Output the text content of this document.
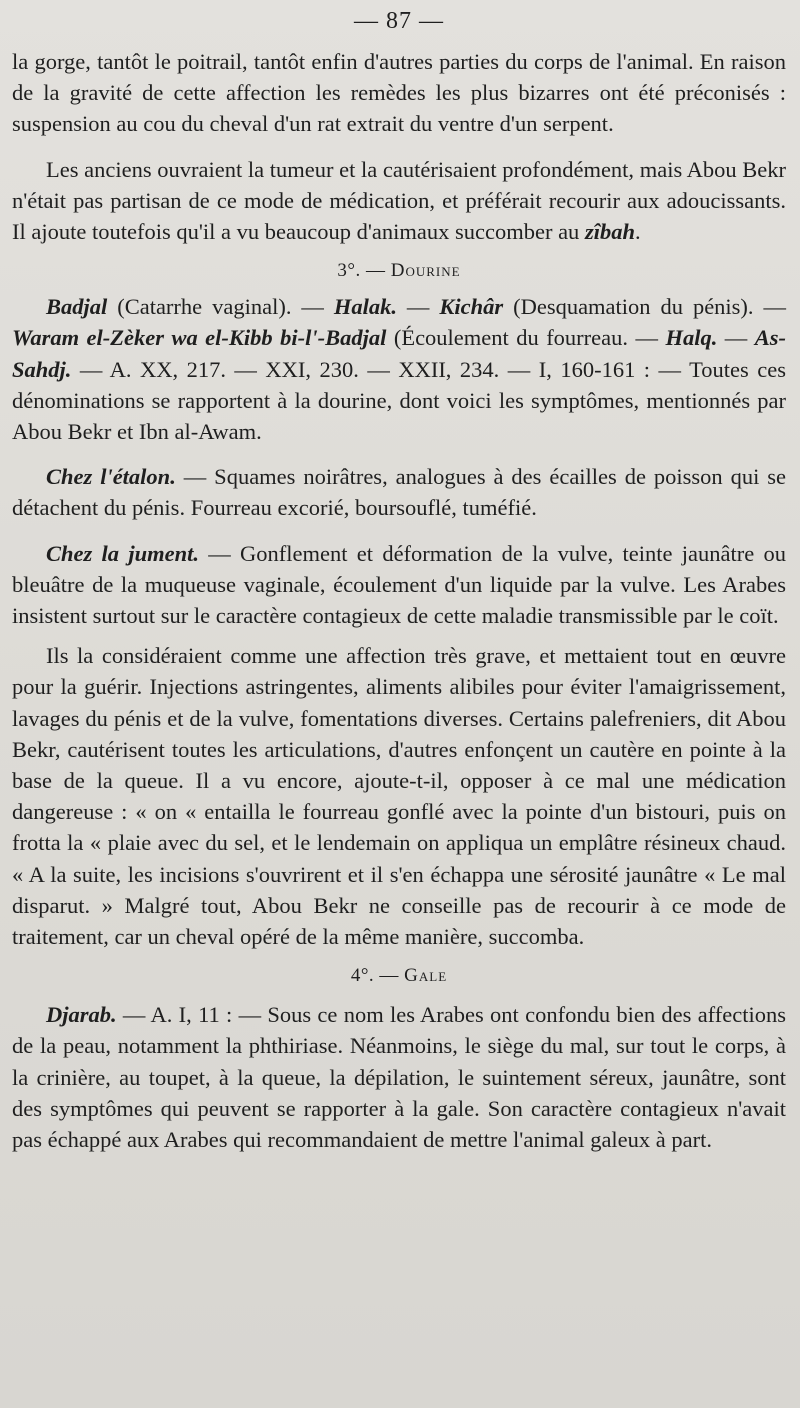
— 87 —

la gorge, tantôt le poitrail, tantôt enfin d'autres parties du corps de l'animal. En raison de la gravité de cette affection les remèdes les plus bizarres ont été préconisés : suspension au cou du cheval d'un rat extrait du ventre d'un serpent.

Les anciens ouvraient la tumeur et la cautérisaient profondément, mais Abou Bekr n'était pas partisan de ce mode de médication, et préférait recourir aux adoucissants. Il ajoute toutefois qu'il a vu beaucoup d'animaux succomber au zîbah.

3°. — Dourine

Badjal (Catarrhe vaginal). — Halak. — Kichâr (Desquamation du pénis). — Waram el-Zèker wa el-Kibb bi-l'-Badjal (Écoulement du fourreau. — Halq. — As-Sahdj. — A. XX, 217. — XXI, 230. — XXII, 234. — I, 160-161 : — Toutes ces dénominations se rapportent à la dourine, dont voici les symptômes, mentionnés par Abou Bekr et Ibn al-Awam.

Chez l'étalon. — Squames noirâtres, analogues à des écailles de poisson qui se détachent du pénis. Fourreau excorié, boursouflé, tuméfié.

Chez la jument. — Gonflement et déformation de la vulve, teinte jaunâtre ou bleuâtre de la muqueuse vaginale, écoulement d'un liquide par la vulve. Les Arabes insistent surtout sur le caractère contagieux de cette maladie transmissible par le coït.

Ils la considéraient comme une affection très grave, et mettaient tout en œuvre pour la guérir. Injections astringentes, aliments alibiles pour éviter l'amaigrissement, lavages du pénis et de la vulve, fomentations diverses. Certains palefreniers, dit Abou Bekr, cautérisent toutes les articulations, d'autres enfonçent un cautère en pointe à la base de la queue. Il a vu encore, ajoute-t-il, opposer à ce mal une médication dangereuse : « on « entailla le fourreau gonflé avec la pointe d'un bistouri, puis on frotta la « plaie avec du sel, et le lendemain on appliqua un emplâtre résineux chaud. « A la suite, les incisions s'ouvrirent et il s'en échappa une sérosité jaunâtre « Le mal disparut. » Malgré tout, Abou Bekr ne conseille pas de recourir à ce mode de traitement, car un cheval opéré de la même manière, succomba.

4°. — Gale

Djarab. — A. I, 11 : — Sous ce nom les Arabes ont confondu bien des affections de la peau, notamment la phthiriase. Néanmoins, le siège du mal, sur tout le corps, à la crinière, au toupet, à la queue, la dépilation, le suintement séreux, jaunâtre, sont des symptômes qui peuvent se rapporter à la gale. Son caractère contagieux n'avait pas échappé aux Arabes qui recommandaient de mettre l'animal galeux à part.
